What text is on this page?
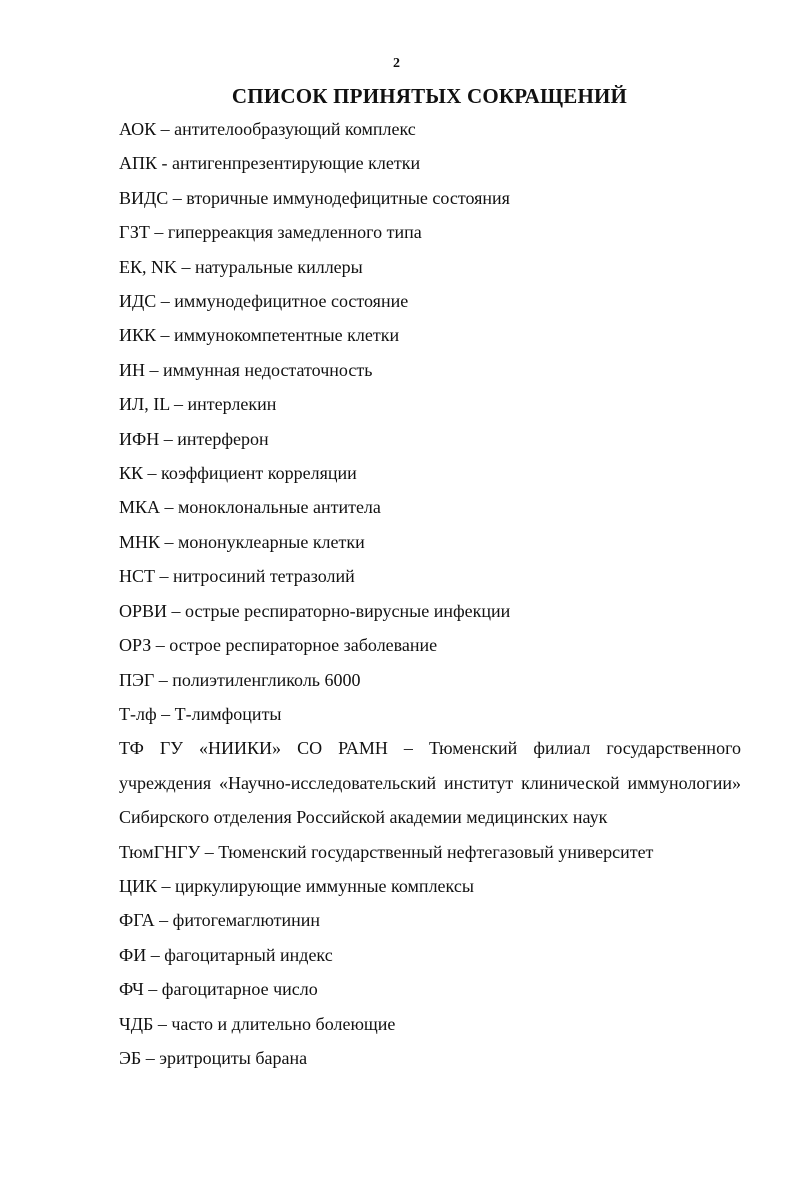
2
СПИСОК ПРИНЯТЫХ СОКРАЩЕНИЙ

АОК – антителообразующий комплекс

АПК - антигенпрезентирующие клетки

ВИДС – вторичные иммунодефицитные состояния

ГЗТ – гиперреакция замедленного типа

ЕК, NK – натуральные киллеры

ИДС – иммунодефицитное состояние

ИКК – иммунокомпетентные клетки

ИН – иммунная недостаточность

ИЛ, IL – интерлекин

ИФН – интерферон

КК – коэффициент корреляции

МКА – моноклональные антитела

МНК – мононуклеарные клетки

НСТ – нитросиний тетразолий

ОРВИ – острые респираторно-вирусные инфекции

ОРЗ – острое респираторное заболевание

ПЭГ – полиэтиленгликоль 6000

Т-лф – Т-лимфоциты

ТФ ГУ «НИИКИ» СО РАМН – Тюменский филиал государственного учреждения «Научно-исследовательский институт клинической иммунологии» Сибирского отделения Российской академии медицинских наук

ТюмГНГУ – Тюменский государственный нефтегазовый университет

ЦИК – циркулирующие иммунные комплексы

ФГА – фитогемаглютинин

ФИ – фагоцитарный индекс

ФЧ – фагоцитарное число

ЧДБ – часто и длительно болеющие

ЭБ – эритроциты барана
